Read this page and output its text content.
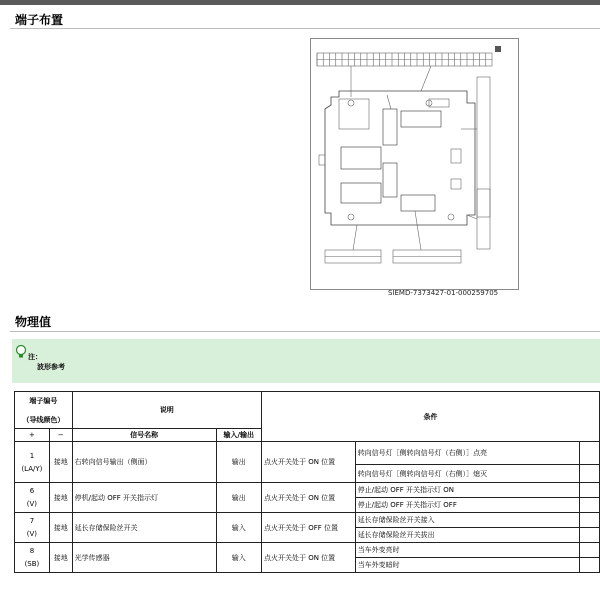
端子布置
SIEMD-7373427-01-000259705
物理值
注：
波形参考
端子编号
（导线颜色）		说明		条件		
+	−	信号名称	输入/输出			

1
(LA/Y)	接地	右转向信号输出（侧面）	输出	点火开关处于 ON 位置	转向信号灯［侧转向信号灯（右侧）］点亮	
					转向信号灯［侧转向信号灯（右侧）］熄灭	

6
(V)	接地	停机/起动 OFF 开关指示灯	输出	点火开关处于 ON 位置	停止/起动 OFF 开关指示灯 ON	
					停止/起动 OFF 开关指示灯 OFF	

7
(V)	接地	延长存储保险丝开关	输入	点火开关处于 OFF 位置	延长存储保险丝开关接入	
					延长存储保险丝开关拔出	

8
(SB)	接地	光学传感器	输入	点火开关处于 ON 位置	当车外变亮时	
					当车外变暗时	
